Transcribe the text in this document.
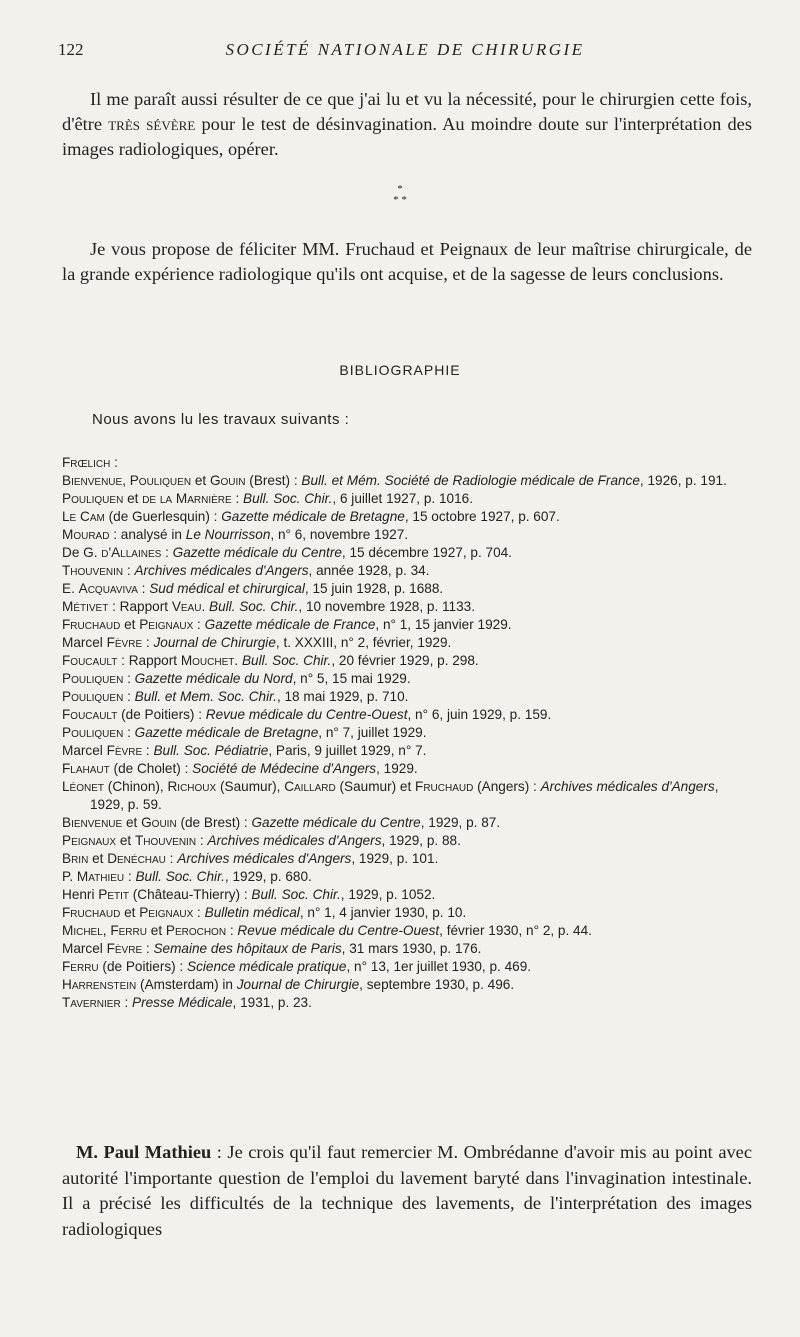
122	SOCIÉTÉ NATIONALE DE CHIRURGIE

Il me paraît aussi résulter de ce que j'ai lu et vu la nécessité, pour le chirurgien cette fois, d'être très sévère pour le test de désinvagination. Au moindre doute sur l'interprétation des images radiologiques, opérer.

*
* *

Je vous propose de féliciter MM. Fruchaud et Peignaux de leur maîtrise chirurgicale, de la grande expérience radiologique qu'ils ont acquise, et de la sagesse de leurs conclusions.

BIBLIOGRAPHIE
Nous avons lu les travaux suivants :
Frœlich :
Bienvenue, Pouliquen et Gouin (Brest) : Bull. et Mém. Société de Radiologie médicale de France, 1926, p. 191.
Pouliquen et de la Marnière : Bull. Soc. Chir., 6 juillet 1927, p. 1016.
Le Cam (de Guerlesquin) : Gazette médicale de Bretagne, 15 octobre 1927, p. 607.
Mourad : analysé in Le Nourrisson, n° 6, novembre 1927.
De G. d'Allaines : Gazette médicale du Centre, 15 décembre 1927, p. 704.
Thouvenin : Archives médicales d'Angers, année 1928, p. 34.
E. Acquaviva : Sud médical et chirurgical, 15 juin 1928, p. 1688.
Métivet : Rapport Veau. Bull. Soc. Chir., 10 novembre 1928, p. 1133.
Fruchaud et Peignaux : Gazette médicale de France, n° 1, 15 janvier 1929.
Marcel Fèvre : Journal de Chirurgie, t. XXXIII, n° 2, février, 1929.
Foucault : Rapport Mouchet. Bull. Soc. Chir., 20 février 1929, p. 298.
Pouliquen : Gazette médicale du Nord, n° 5, 15 mai 1929.
Pouliquen : Bull. et Mem. Soc. Chir., 18 mai 1929, p. 710.
Foucault (de Poitiers) : Revue médicale du Centre-Ouest, n° 6, juin 1929, p. 159.
Pouliquen : Gazette médicale de Bretagne, n° 7, juillet 1929.
Marcel Fèvre : Bull. Soc. Pédiatrie, Paris, 9 juillet 1929, n° 7.
Flahaut (de Cholet) : Société de Médecine d'Angers, 1929.
Léonet (Chinon), Richoux (Saumur), Caillard (Saumur) et Fruchaud (Angers) : Archives médicales d'Angers, 1929, p. 59.
Bienvenue et Gouin (de Brest) : Gazette médicale du Centre, 1929, p. 87.
Peignaux et Thouvenin : Archives médicales d'Angers, 1929, p. 88.
Brin et Denéchau : Archives médicales d'Angers, 1929, p. 101.
P. Mathieu : Bull. Soc. Chir., 1929, p. 680.
Henri Petit (Château-Thierry) : Bull. Soc. Chir., 1929, p. 1052.
Fruchaud et Peignaux : Bulletin médical, n° 1, 4 janvier 1930, p. 10.
Michel, Ferru et Perochon : Revue médicale du Centre-Ouest, février 1930, n° 2, p. 44.
Marcel Fèvre : Semaine des hôpitaux de Paris, 31 mars 1930, p. 176.
Ferru (de Poitiers) : Science médicale pratique, n° 13, 1er juillet 1930, p. 469.
Harrenstein (Amsterdam) in Journal de Chirurgie, septembre 1930, p. 496.
Tavernier : Presse Médicale, 1931, p. 23.

M. Paul Mathieu : Je crois qu'il faut remercier M. Ombrédanne d'avoir mis au point avec autorité l'importante question de l'emploi du lavement baryté dans l'invagination intestinale. Il a précisé les difficultés de la technique des lavements, de l'interprétation des images radiologiques
